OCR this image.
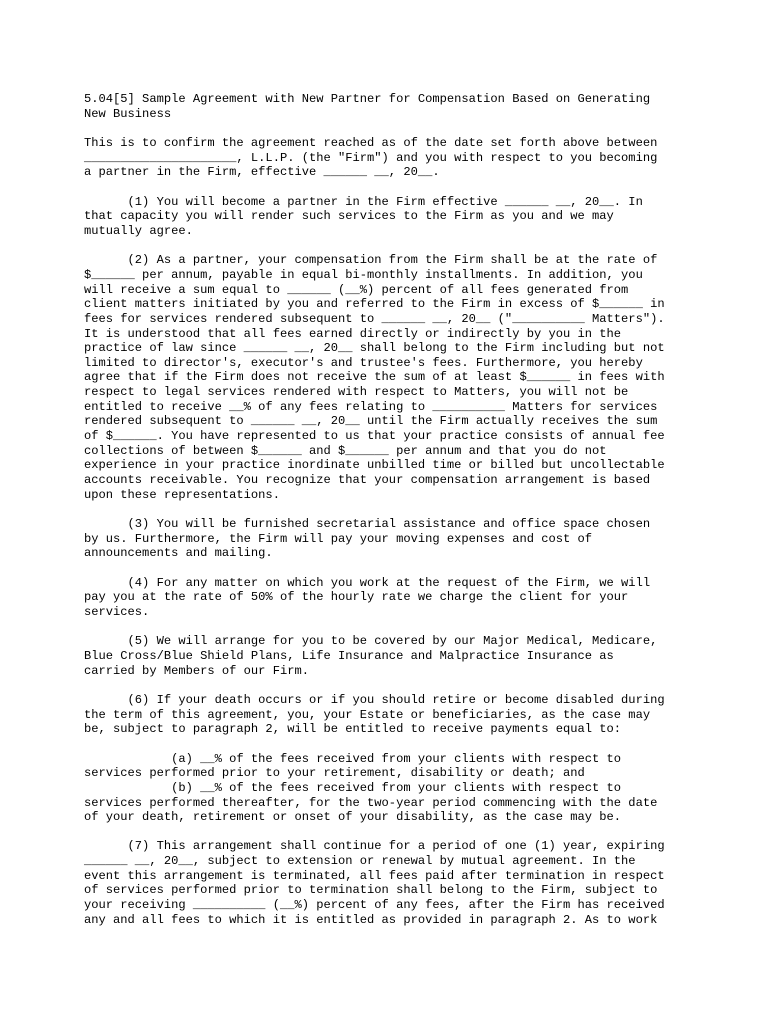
5.04[5] Sample Agreement with New Partner for Compensation Based on Generating
New Business
This is to confirm the agreement reached as of the date set forth above between
_____________________, L.L.P. (the "Firm") and you with respect to you becoming
a partner in the Firm, effective ______ __, 20__.
(1) You will become a partner in the Firm effective ______ __, 20__. In
that capacity you will render such services to the Firm as you and we may
mutually agree.
(2) As a partner, your compensation from the Firm shall be at the rate of
$______ per annum, payable in equal bi-monthly installments. In addition, you
will receive a sum equal to ______ (__%) percent of all fees generated from
client matters initiated by you and referred to the Firm in excess of $______ in
fees for services rendered subsequent to ______ __, 20__ ("__________ Matters").
It is understood that all fees earned directly or indirectly by you in the
practice of law since ______ __, 20__ shall belong to the Firm including but not
limited to director's, executor's and trustee's fees. Furthermore, you hereby
agree that if the Firm does not receive the sum of at least $______ in fees with
respect to legal services rendered with respect to Matters, you will not be
entitled to receive __% of any fees relating to __________ Matters for services
rendered subsequent to ______ __, 20__ until the Firm actually receives the sum
of $______. You have represented to us that your practice consists of annual fee
collections of between $______ and $______ per annum and that you do not
experience in your practice inordinate unbilled time or billed but uncollectable
accounts receivable. You recognize that your compensation arrangement is based
upon these representations.
(3) You will be furnished secretarial assistance and office space chosen
by us. Furthermore, the Firm will pay your moving expenses and cost of
announcements and mailing.
(4) For any matter on which you work at the request of the Firm, we will
pay you at the rate of 50% of the hourly rate we charge the client for your
services.
(5) We will arrange for you to be covered by our Major Medical, Medicare,
Blue Cross/Blue Shield Plans, Life Insurance and Malpractice Insurance as
carried by Members of our Firm.
(6) If your death occurs or if you should retire or become disabled during
the term of this agreement, you, your Estate or beneficiaries, as the case may
be, subject to paragraph 2, will be entitled to receive payments equal to:
(a) __% of the fees received from your clients with respect to
services performed prior to your retirement, disability or death; and
(b) __% of the fees received from your clients with respect to
services performed thereafter, for the two-year period commencing with the date
of your death, retirement or onset of your disability, as the case may be.
(7) This arrangement shall continue for a period of one (1) year, expiring
______ __, 20__, subject to extension or renewal by mutual agreement. In the
event this arrangement is terminated, all fees paid after termination in respect
of services performed prior to termination shall belong to the Firm, subject to
your receiving __________ (__%) percent of any fees, after the Firm has received
any and all fees to which it is entitled as provided in paragraph 2. As to work
